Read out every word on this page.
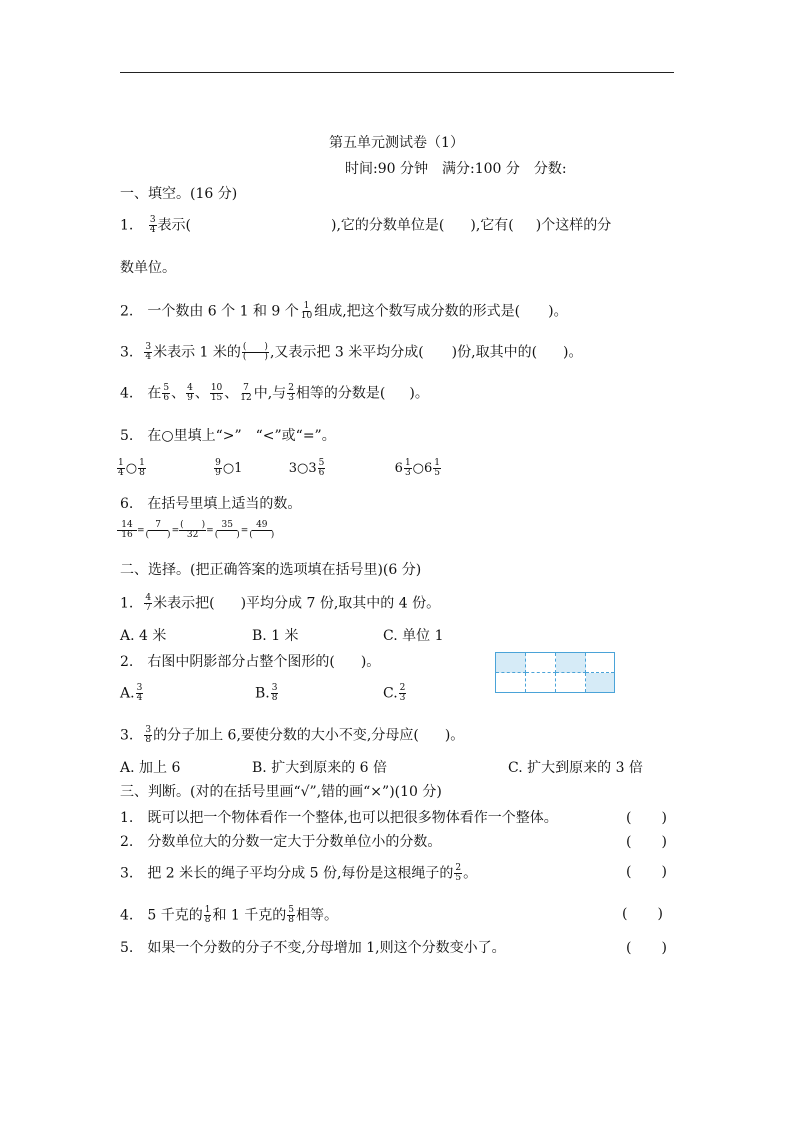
第五单元测试卷（1）
时间:90 分钟　满分:100 分　分数:
一、填空。(16 分)
1. $\frac{3}{4}$ 表示(	),它的分数单位是( ),它有( )个这样的分
数单位。
2.　一个数由 6 个 1 和 9 个 $\frac{1}{10}$ 组成,把这个数写成分数的形式是( )。
3. $\frac{3}{4}$ 米表示 1 米的 (　　)
(　　) ,又表示把 3 米平均分成( )份,取其中的( )。
4.　在 $\frac{5}{6}$ 、 $\frac{4}{9}$ 、 $\frac{10}{15}$ 、 $\frac{7}{12}$ 中,与 $\frac{2}{3}$ 相等的分数是( )。
5.　在○里填上“>”　“<”或“=”。
$\frac{1}{4}$ ○ $\frac{1}{8}$
	$\frac{9}{9}$ ○1	3○3 $\frac{5}{6}$	$6 \frac{1}{3}$ ○6 $\frac{1}{5}$
6.　在括号里填上适当的数。
$\frac{14}{16}$ =
7
(　　) =
(　　)
32 =
35
(　　) =
49
(　　)
二、选择。(把正确答案的选项填在括号里)(6 分)
1. $\frac{4}{7}$ 米表示把( )平均分成 7 份,取其中的 4 份。
A. 4 米	B. 1 米	C. 单位 1
2.　右图中阴影部分占整个图形的( )。
A. $\frac{3}{4}$	B. $\frac{3}{8}$	C. $\frac{2}{3}$
3. $\frac{3}{8}$ 的分子加上 6,要使分数的大小不变,分母应( )。
A. 加上 6	B. 扩大到原来的 6 倍	C. 扩大到原来的 3 倍
三、判断。(对的在括号里画“√”,错的画“×”)(10 分)
1.　既可以把一个物体看作一个整体,也可以把很多物体看作一个整体。	( )
2.　分数单位大的分数一定大于分数单位小的分数。	( )
3.　把 2 米长的绳子平均分成 5 份,每份是这根绳子的 $\frac{2}{5}$ 。	( )
4.　5 千克的 $\frac{1}{8}$ 和 1 千克的 $\frac{5}{8}$ 相等。	( )
5.　如果一个分数的分子不变,分母增加 1,则这个分数变小了。	( )
